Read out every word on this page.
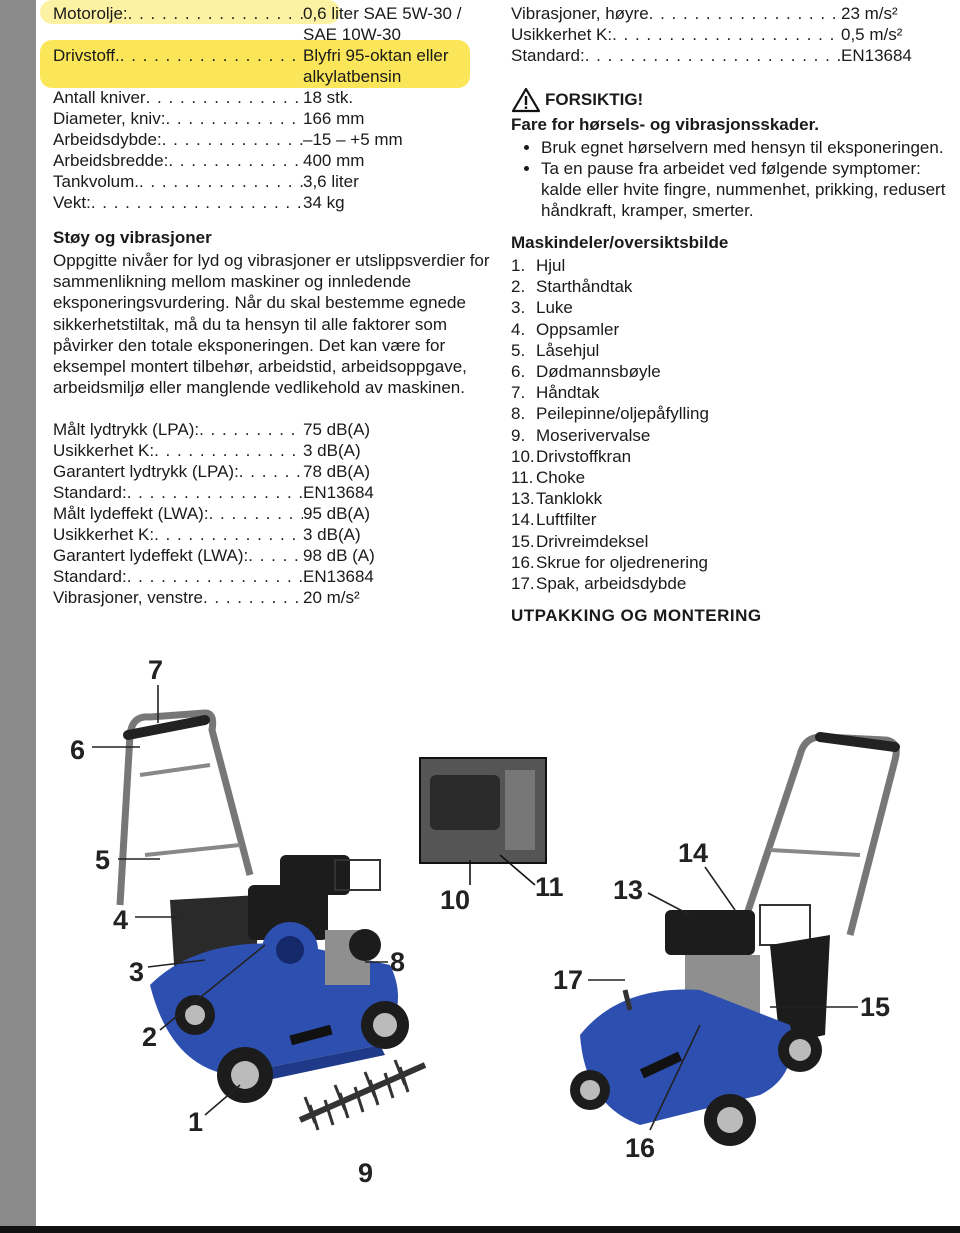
Motorolje: . . .	0,6 liter SAE 5W-30 /
SAE 10W-30
Drivstoff. . . .	Blyfri 95-oktan eller
alkylatbensin
Antall kniver . . .	18 stk.
Diameter, kniv: . . .	166 mm
Arbeidsdybde: . . .	–15 – +5 mm
Arbeidsbredde: . . .	400 mm
Tankvolum. . . .	3,6 liter
Vekt: . . .	34 kg
Støy og vibrasjoner

Oppgitte nivåer for lyd og vibrasjoner er utslippsverdier for sammenlikning mellom maskiner og innledende eksponeringsvurdering. Når du skal bestemme egnede sikkerhetstiltak, må du ta hensyn til alle faktorer som påvirker den totale eksponeringen. Det kan være for eksempel montert tilbehør, arbeidstid, arbeidsoppgave, arbeidsmiljø eller manglende vedlikehold av maskinen.

Målt lydtrykk (LPA): . . .	75 dB(A)
Usikkerhet K: . . .	3 dB(A)
Garantert lydtrykk (LPA): . . .	78 dB(A)
Standard: . . .	EN13684
Målt lydeffekt (LWA): . . .	95 dB(A)
Usikkerhet K: . . .	3 dB(A)
Garantert lydeffekt (LWA): . . .	98 dB (A)
Standard: . . .	EN13684
Vibrasjoner, venstre . . .	20 m/s²
Vibrasjoner, høyre . . .	23 m/s²
Usikkerhet K: . . .	0,5 m/s²
Standard: . . .	EN13684
FORSIKTIG!
Fare for hørsels- og vibrasjonsskader.
• Bruk egnet hørselvern med hensyn til eksponeringen.
• Ta en pause fra arbeidet ved følgende symptomer: kalde eller hvite fingre, nummenhet, prikking, redusert håndkraft, kramper, smerter.
Maskindeler/oversiktsbilde
1. Hjul
2. Starthåndtak
3. Luke
4. Oppsamler
5. Låsehjul
6. Dødmannsbøyle
7. Håndtak
8. Peilepinne/oljepåfylling
9. Moserivervalse
10.Drivstoffkran
11. Choke
13.Tanklokk
14.Luftfilter
15.Drivreimdeksel
16.Skrue for oljedrenering
17.Spak, arbeidsdybde
UTPAKKING OG MONTERING
7
6
5
4
3	8
2
1
9
10 11 13
14
17
15
16
